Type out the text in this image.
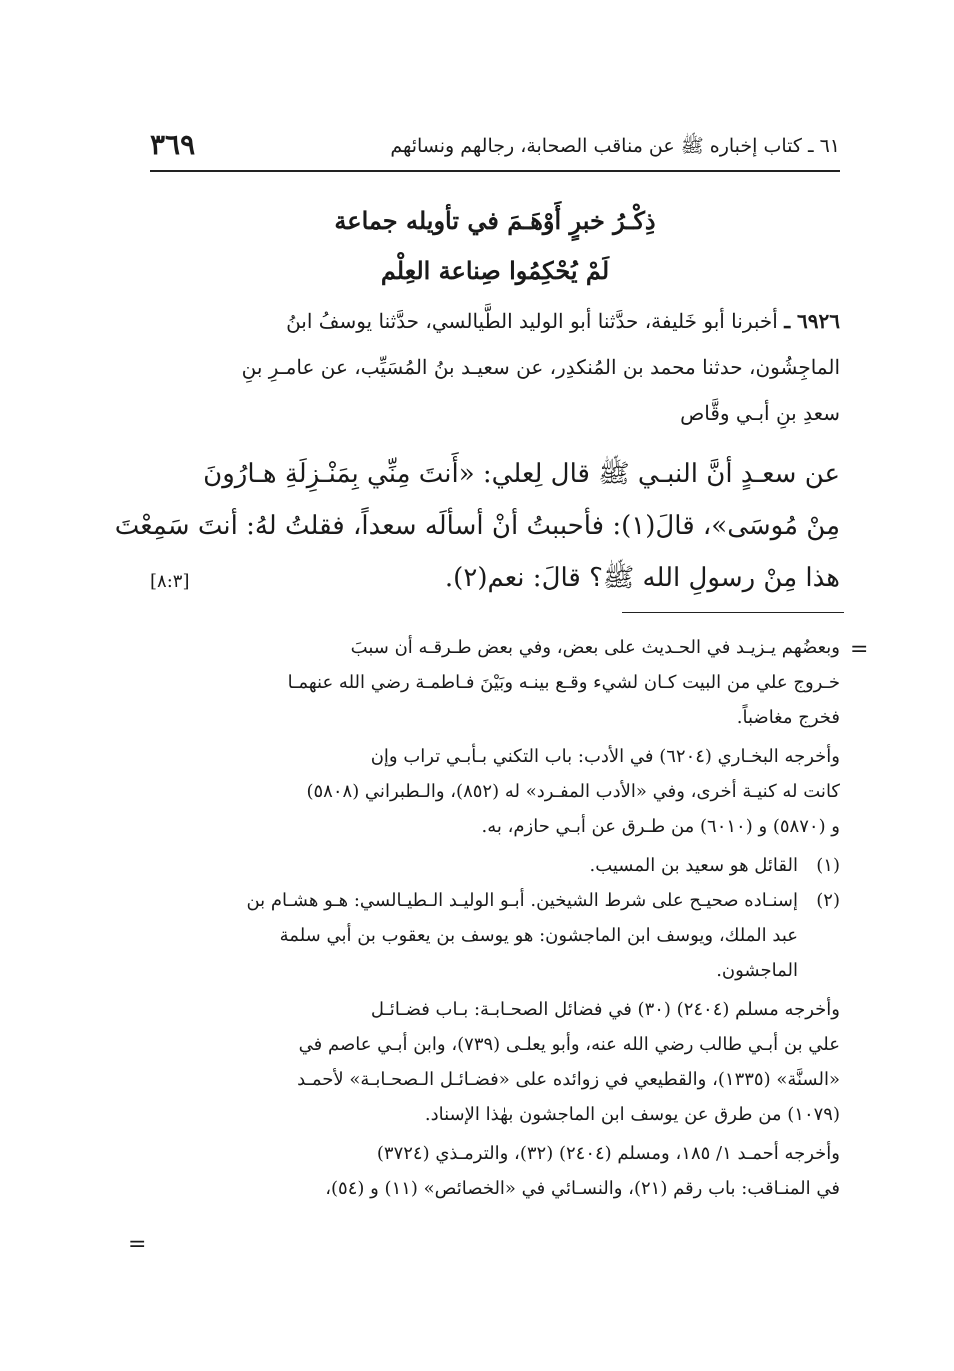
٦١ ـ كتاب إخباره ﷺ عن مناقب الصحابة، رجالهم ونسائهم
٣٦٩
ذِكْـرُ خبرٍ أَوْهَـمَ في تأويله جماعة
لَمْ يُحْكِمُوا صِناعة العِلْم
٦٩٢٦ ـ أخبرنا أبو خَليفة، حدَّثنا أبو الوليد الطَّيالسي، حدَّثنا يوسفُ ابنُ
الماجِشُون، حدثنا محمد بن المُنكدِر، عن سعيـد بنُ المُسَيِّب، عن عامـرِ بنِ
سعدِ بنِ أبـي وقَّاص
عن سعـدٍ أنَّ النبـي ﷺ قال لِعلي: «أَنتَ مِنِّي بِمَنْـزِلَةِ هـارُونَ
مِنْ مُوسَى»، قالَ(١): فأحببتُ أنْ أسألَه سعداً، فقلتُ لهُ: أنتَ سَمِعْتَ
هذا مِنْ رسولِ الله ﷺ؟ قالَ: نعم(٢).
[٨:٣]
=
وبعضُهم يـزيـد في الحـديث على بعض، وفي بعض طـرقـه أن سببَ
خـروج علي من البيت كـان لشيء وقـع بينـه وبَيْنَ فـاطمـة رضي الله عنهمـا
فخرج مغاضباً.
وأخرجه البخـاري (٦٢٠٤) في الأدب: باب التكني بـأبـي تراب وإن
كانت له كنيـة أخرى، وفي «الأدب المفـرد» له (٨٥٢)، والـطبراني (٥٨٠٨)
و (٥٨٧٠) و (٦٠١٠) من طـرق عن أبـي حازم، به.
(١)
القائل هو سعيد بن المسيب.
(٢)
إسنـاده صحيـح على شرط الشيخين. أبـو الوليـد الـطيـالسي: هـو هشـام بن
عبد الملك، ويوسف ابن الماجشون: هو يوسف بن يعقوب بن أبي سلمة
الماجشون.
وأخرجه مسلم (٢٤٠٤) (٣٠) في فضائل الصحـابـة: بـاب فضـائـل
علي بن أبـي طالب رضي الله عنه، وأبو يعلـى (٧٣٩)، وابن أبـي عاصم في
«السنَّة» (١٣٣٥)، والقطيعي في زوائده على «فضـائـل الـصحـابـة» لأحمـد
(١٠٧٩) من طرق عن يوسف ابن الماجشون بهٰذا الإسناد.
وأخرجه أحمـد ١/ ١٨٥، ومسلم (٢٤٠٤) (٣٢)، والترمـذي (٣٧٢٤)
في المنـاقب: باب رقم (٢١)، والنسـائي في «الخصائص» (١١) و (٥٤)،
=
